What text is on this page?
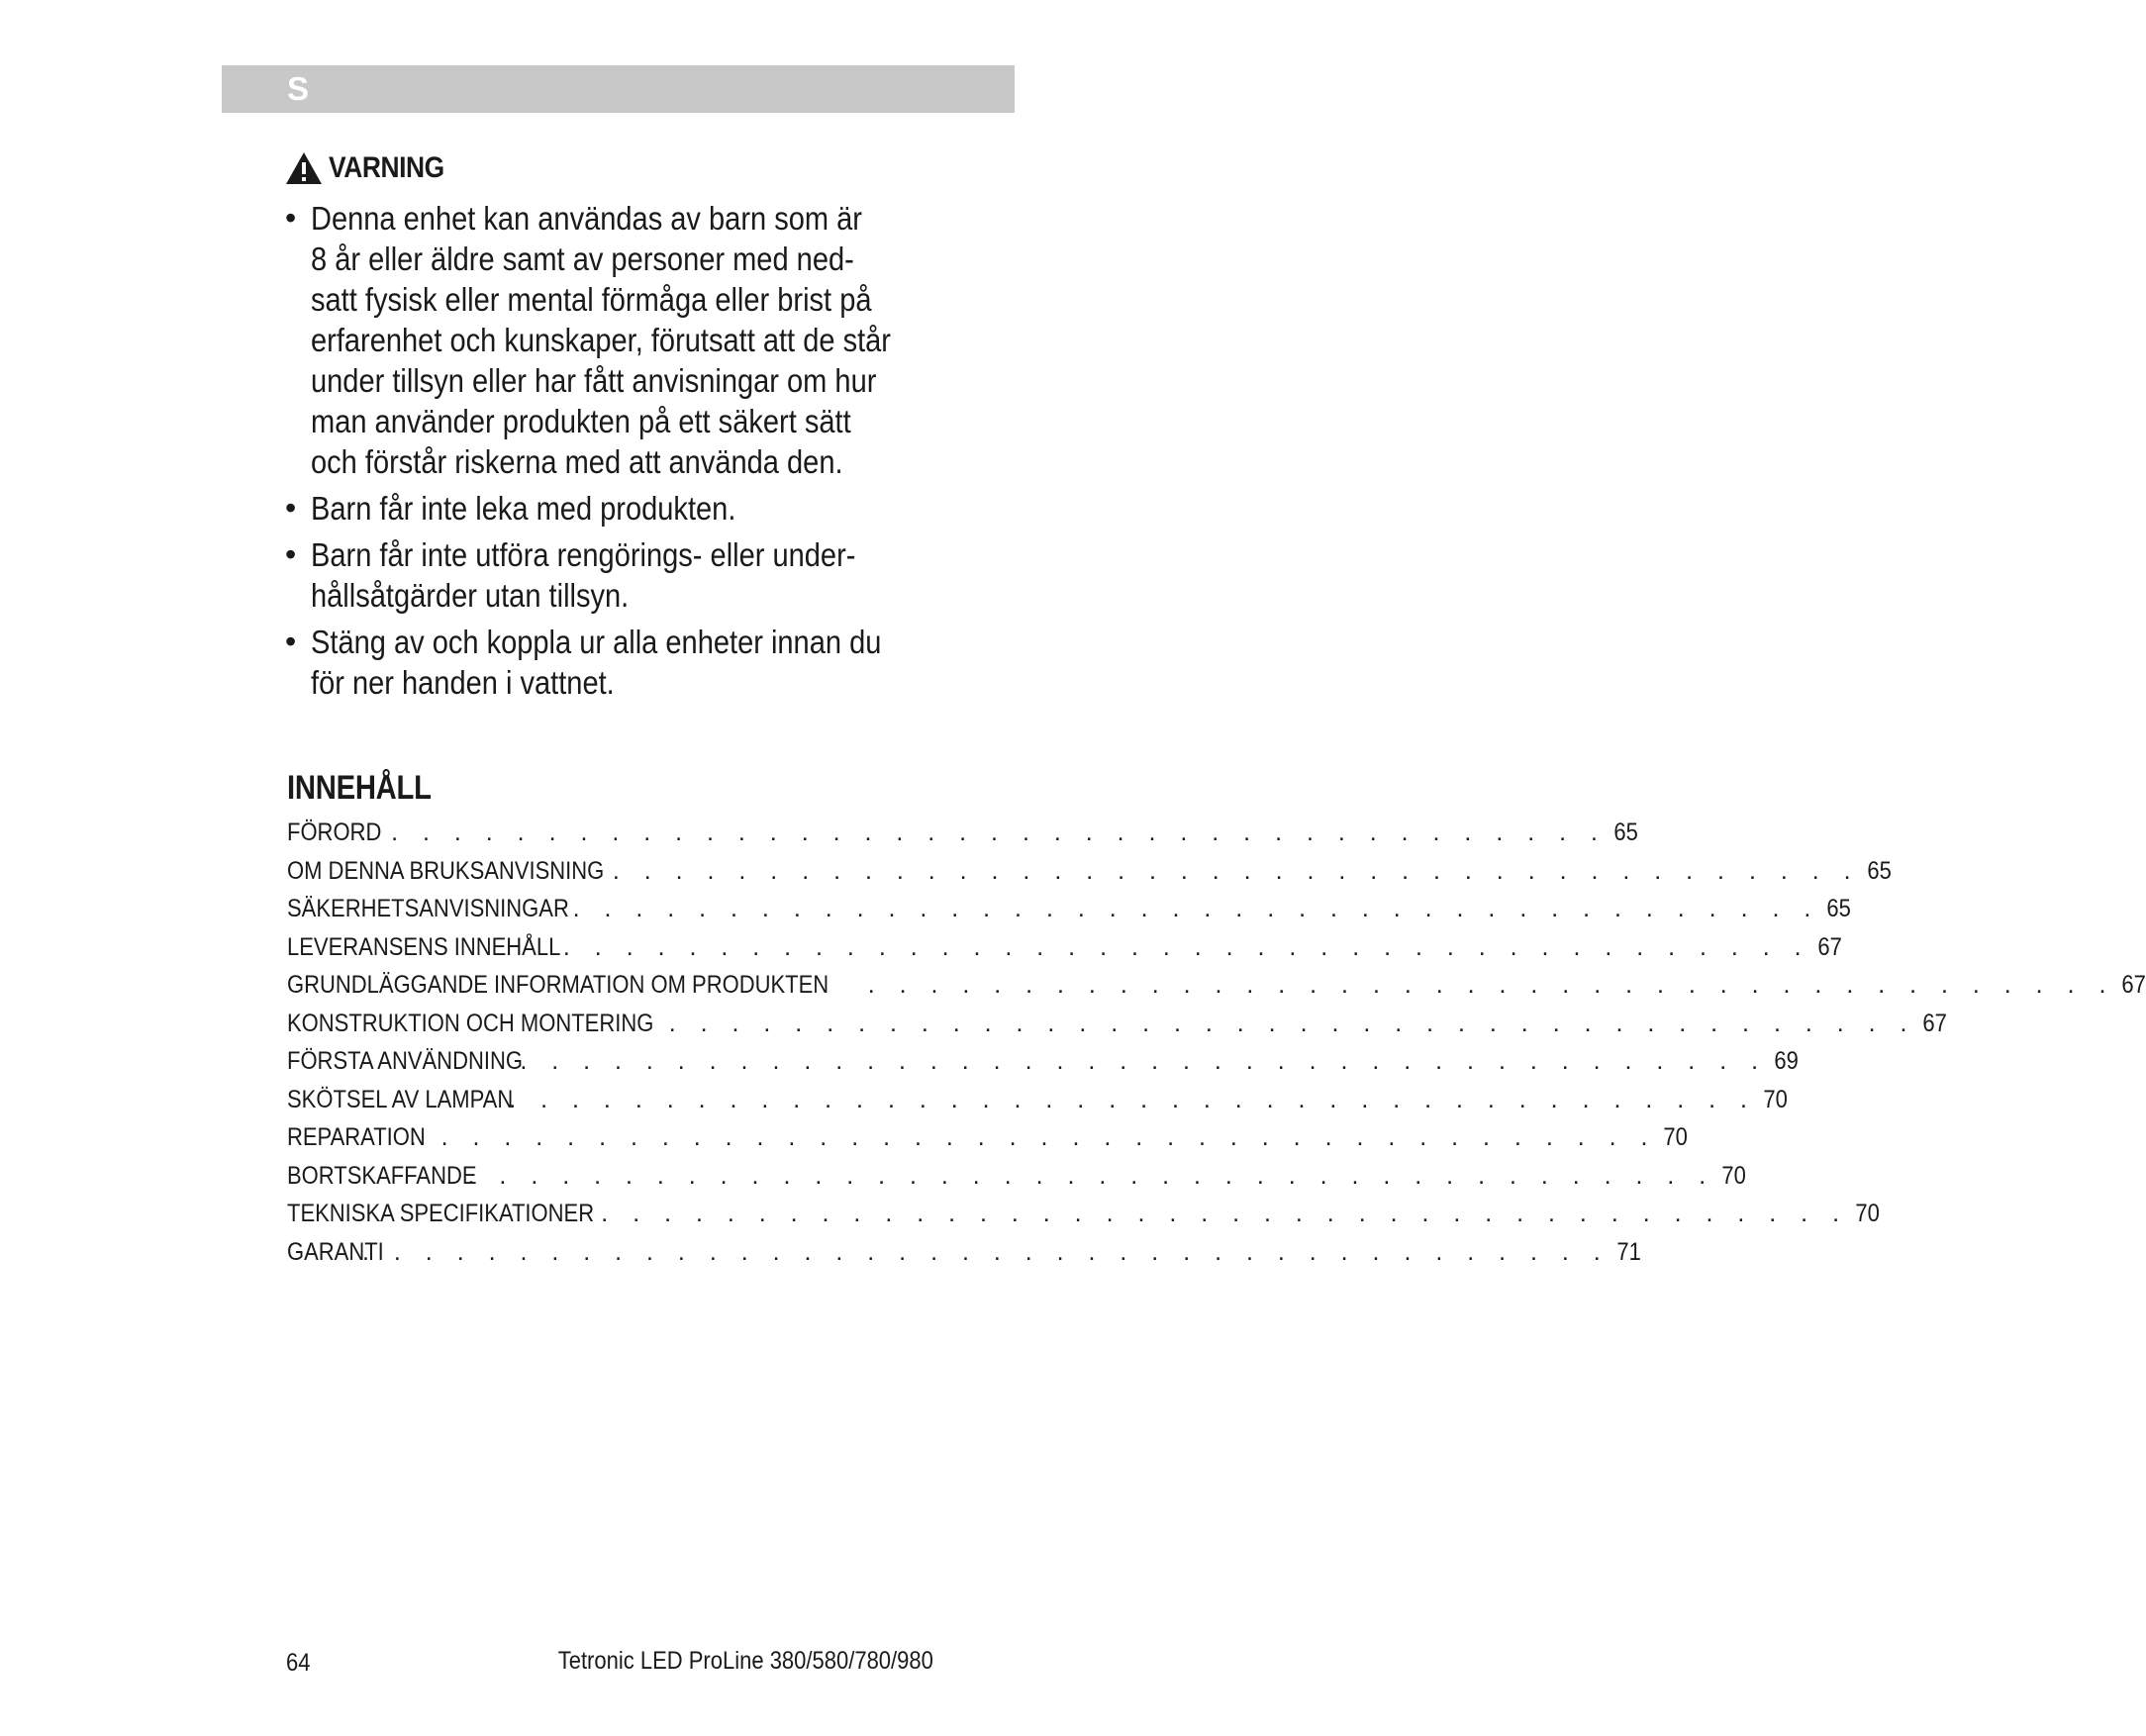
S
VARNING
• Denna enhet kan användas av barn som är
8 år eller äldre samt av personer med ned-
satt fysisk eller mental förmåga eller brist på
erfarenhet och kunskaper, förutsatt att de står
under tillsyn eller har fått anvisningar om hur
man använder produkten på ett säkert sätt
och förstår riskerna med att använda den.
• Barn får inte leka med produkten.
• Barn får inte utföra rengörings- eller under-
hållsåtgärder utan tillsyn.
• Stäng av och koppla ur alla enheter innan du
för ner handen i vattnet.
INNEHÅLL
FÖRORD
. . . . . . . . . . . . . . . . . . . . . . . . . . . . . . . . . . . . . . . . 65
OM DENNA BRUKSANVISNING . . . . . . . . . . . . . . . . . . . . . . . . . . . . . . . . . . . . . . . . 65
SÄKERHETSANVISNINGAR . . . . . . . . . . . . . . . . . . . . . . . . . . . . . . . . . . . . . . . . 65
LEVERANSENS INNEHÅLL . . . . . . . . . . . . . . . . . . . . . . . . . . . . . . . . . . . . . . . . 67
GRUNDLÄGGANDE INFORMATION OM PRODUKTEN . . . . . . . . . . . . . . . . . . . . . . . . . . . . . . . . . . . . . . . . 67
KONSTRUKTION OCH MONTERING . . . . . . . . . . . . . . . . . . . . . . . . . . . . . . . . . . . . . . . . 67
FÖRSTA ANVÄNDNING
. . . . . . . . . . . . . . . . . . . . . . . . . . . . . . . . . . . . . . . . 69
SKÖTSEL AV LAMPAN
. . . . . . . . . . . . . . . . . . . . . . . . . . . . . . . . . . . . . . . . 70
REPARATION
. . . . . . . . . . . . . . . . . . . . . . . . . . . . . . . . . . . . . . . . 70
BORTSKAFFANDE
. . . . . . . . . . . . . . . . . . . . . . . . . . . . . . . . . . . . . . . . 70
TEKNISKA SPECIFIKATIONER . . . . . . . . . . . . . . . . . . . . . . . . . . . . . . . . . . . . . . . . 70
GARANTI
. . . . . . . . . . . . . . . . . . . . . . . . . . . . . . . . . . . . . . . . 71
64	Tetronic LED ProLine 380/580/780/980
